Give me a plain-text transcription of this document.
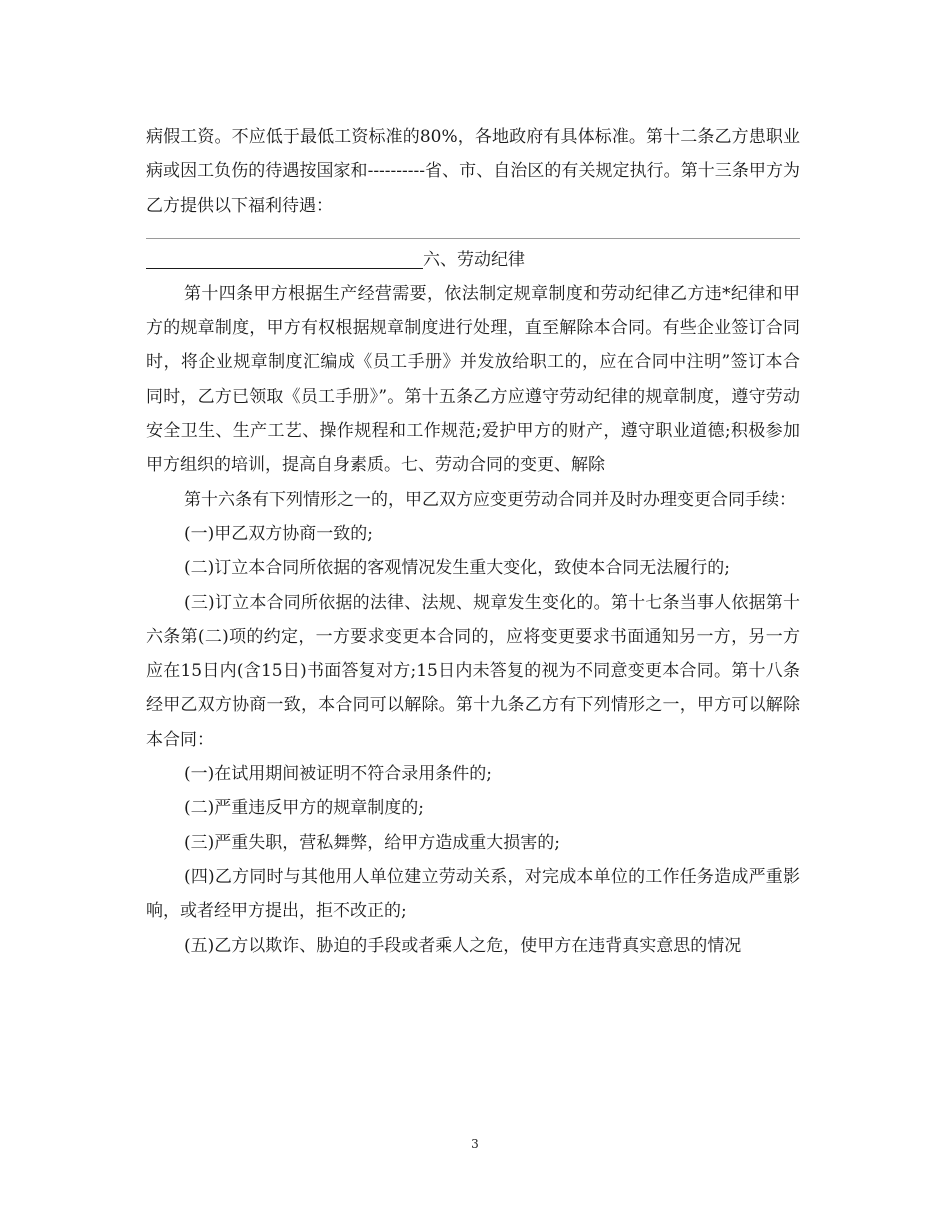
病假工资。不应低于最低工资标准的80%，各地政府有具体标准。第十二条乙方患职业病或因工负伤的待遇按国家和----------省、市、自治区的有关规定执行。第十三条甲方为乙方提供以下福利待遇：

六、劳动纪律

第十四条甲方根据生产经营需要，依法制定规章制度和劳动纪律乙方违*纪律和甲方的规章制度，甲方有权根据规章制度进行处理，直至解除本合同。有些企业签订合同时，将企业规章制度汇编成《员工手册》并发放给职工的，应在合同中注明”签订本合同时，乙方已领取《员工手册》”。第十五条乙方应遵守劳动纪律的规章制度，遵守劳动安全卫生、生产工艺、操作规程和工作规范;爱护甲方的财产，遵守职业道德;积极参加甲方组织的培训，提高自身素质。七、劳动合同的变更、解除

第十六条有下列情形之一的，甲乙双方应变更劳动合同并及时办理变更合同手续：

(一)甲乙双方协商一致的;

(二)订立本合同所依据的客观情况发生重大变化，致使本合同无法履行的;

(三)订立本合同所依据的法律、法规、规章发生变化的。第十七条当事人依据第十六条第(二)项的约定，一方要求变更本合同的，应将变更要求书面通知另一方，另一方应在15日内(含15日)书面答复对方;15日内未答复的视为不同意变更本合同。第十八条经甲乙双方协商一致，本合同可以解除。第十九条乙方有下列情形之一，甲方可以解除本合同：

(一)在试用期间被证明不符合录用条件的;

(二)严重违反甲方的规章制度的;

(三)严重失职，营私舞弊，给甲方造成重大损害的;

(四)乙方同时与其他用人单位建立劳动关系，对完成本单位的工作任务造成严重影响，或者经甲方提出，拒不改正的;

(五)乙方以欺诈、胁迫的手段或者乘人之危，使甲方在违背真实意思的情况

3
